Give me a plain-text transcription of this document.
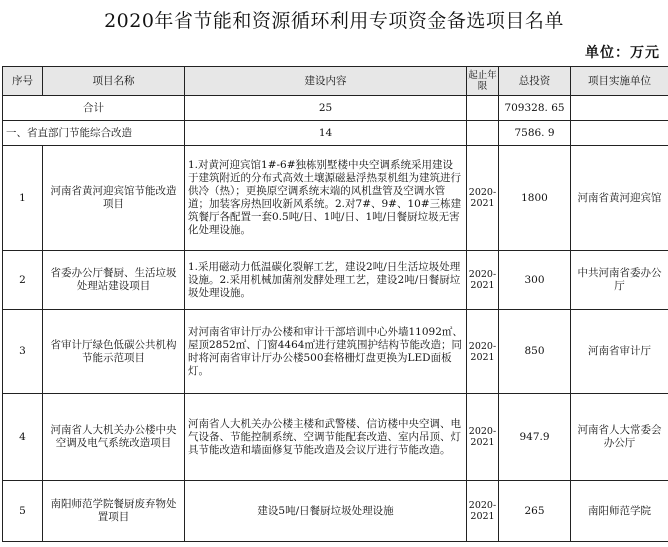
2020年省节能和资源循环利用专项资金备选项目名单
单位：万元
序号	项目名称	建设内容	起止年限	总投资	项目实施单位
合计		25		709328. 65	
一、省直部门节能综合改造		14		7586. 9	
1	河南省黄河迎宾馆节能改造项目	1.对黄河迎宾馆1#-6#独栋别墅楼中央空调系统采用建设于建筑附近的分布式高效土壤源磁悬浮热泵机组为建筑进行供冷（热）；更换原空调系统末端的风机盘管及空调水管道；加装客房热回收新风系统。2.对7#、9#、10#三栋建筑餐厅各配置一套0.5吨/日、1吨/日、1吨/日餐厨垃圾无害化处理设施。	2020-2021	1800	河南省黄河迎宾馆
2	省委办公厅餐厨、生活垃圾处理站建设项目	1.采用磁动力低温碳化裂解工艺，建设2吨/日生活垃圾处理设施。2.采用机械加菌剂发酵处理工艺，建设2吨/日餐厨垃圾处理设施。	2020-2021	300	中共河南省委办公厅
3	省审计厅绿色低碳公共机构节能示范项目	对河南省审计厅办公楼和审计干部培训中心外墙11092㎡、屋顶2852㎡、门窗4464㎡进行建筑围护结构节能改造；同时将河南省审计厅办公楼500套格栅灯盘更换为LED面板灯。	2020-2021	850	河南省审计厅
4	河南省人大机关办公楼中央空调及电气系统改造项目	河南省人大机关办公楼主楼和武警楼、信访楼中央空调、电气设备、节能控制系统、空调节能配套改造、室内吊顶、灯具节能改造和墙面修复节能改造及会议厅进行节能改造。	2020-2021	947.9	河南省人大常委会办公厅
5	南阳师范学院餐厨废弃物处置项目	建设5吨/日餐厨垃圾处理设施	2020-2021	265	南阳师范学院
